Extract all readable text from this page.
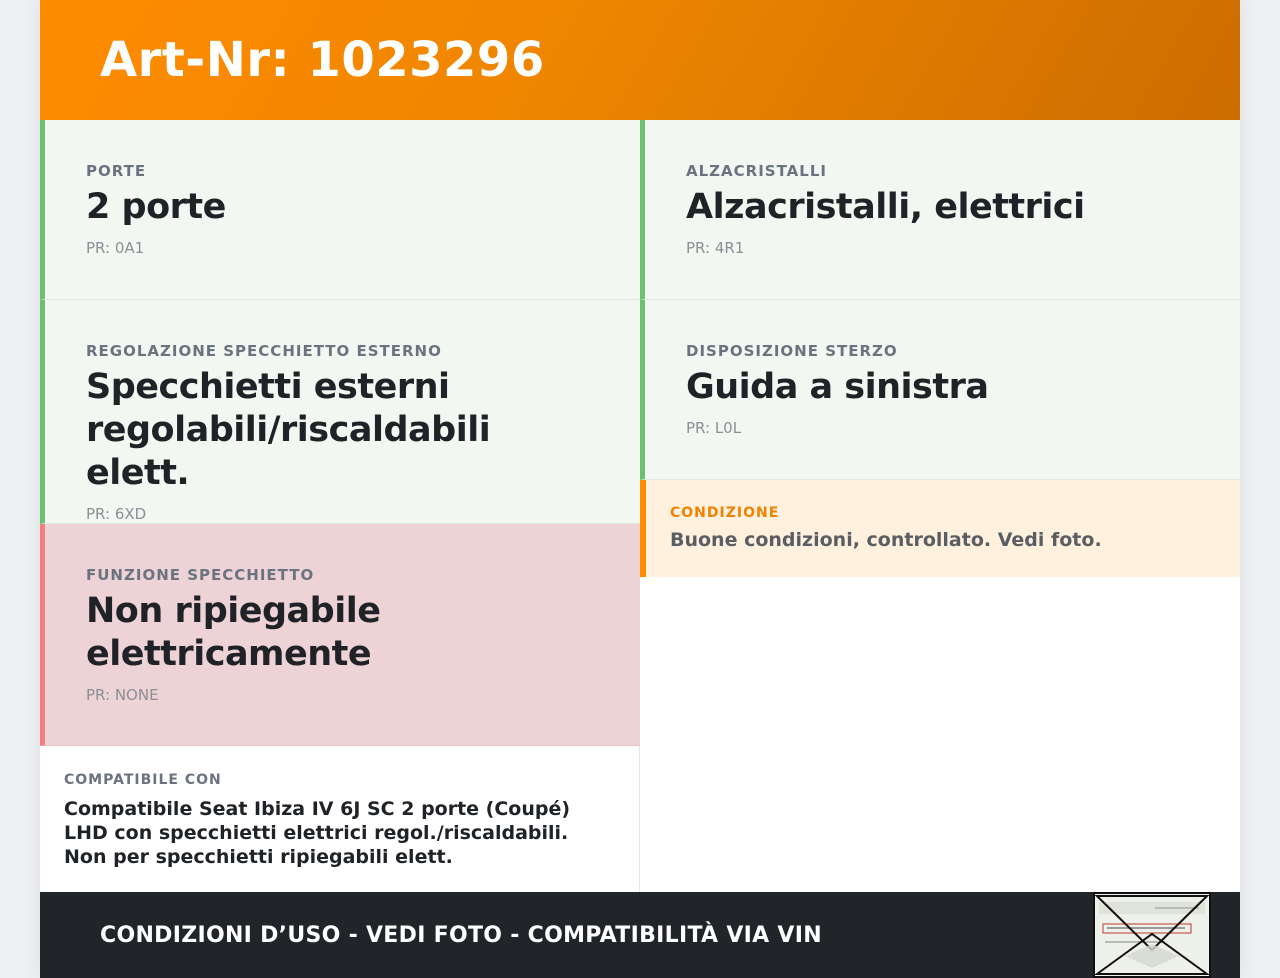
Art-Nr: 1023296
PORTE
2 porte
PR: 0A1
REGOLAZIONE SPECCHIETTO ESTERNO
Specchietti esterni regolabili/riscaldabili elett.
PR: 6XD
FUNZIONE SPECCHIETTO
Non ripiegabile elettricamente
PR: NONE
COMPATIBILE CON
Compatibile Seat Ibiza IV 6J SC 2 porte (Coupé) LHD con specchietti elettrici regol./riscaldabili. Non per specchietti ripiegabili elett.
ALZACRISTALLI
Alzacristalli, elettrici
PR: 4R1
DISPOSIZIONE STERZO
Guida a sinistra
PR: L0L
CONDIZIONE
Buone condizioni, controllato. Vedi foto.
CONDIZIONI D’USO - VEDI FOTO - COMPATIBILITÀ VIA VIN
